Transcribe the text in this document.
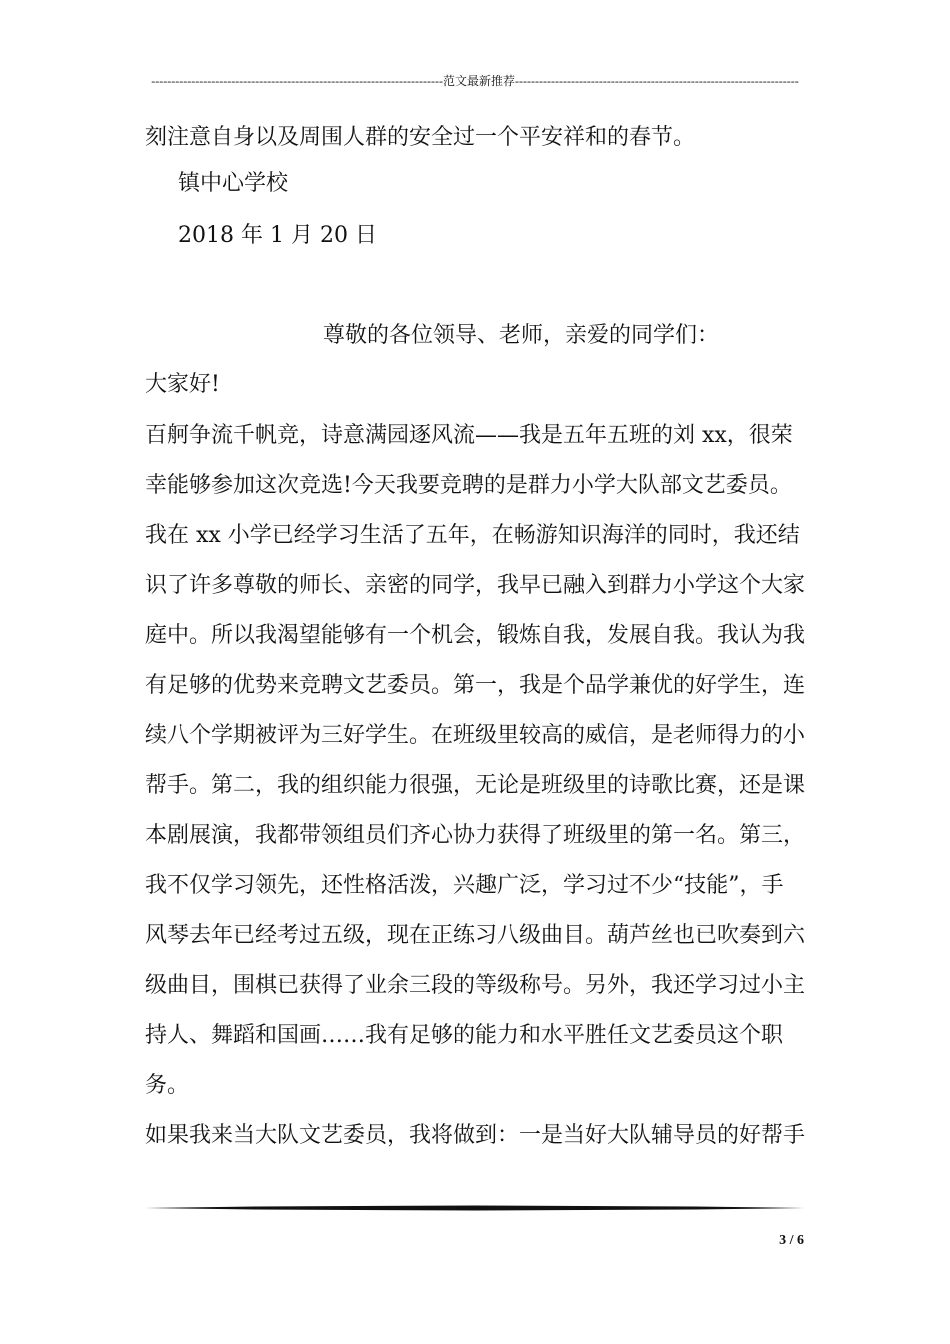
-------------------------------------------------------------------------范文最新推荐-----------------------------------------------------------------------
刻注意自身以及周围人群的安全过一个平安祥和的春节。
镇中心学校
2018 年 1 月 20 日
尊敬的各位领导、老师，亲爱的同学们：
大家好!
百舸争流千帆竞，诗意满园逐风流——我是五年五班的刘 xx，很荣
幸能够参加这次竞选!今天我要竞聘的是群力小学大队部文艺委员。
我在 xx 小学已经学习生活了五年，在畅游知识海洋的同时，我还结
识了许多尊敬的师长、亲密的同学，我早已融入到群力小学这个大家
庭中。所以我渴望能够有一个机会，锻炼自我，发展自我。我认为我
有足够的优势来竞聘文艺委员。第一，我是个品学兼优的好学生，连
续八个学期被评为三好学生。在班级里较高的威信，是老师得力的小
帮手。第二，我的组织能力很强，无论是班级里的诗歌比赛，还是课
本剧展演，我都带领组员们齐心协力获得了班级里的第一名。第三，
我不仅学习领先，还性格活泼，兴趣广泛，学习过不少“技能”，手
风琴去年已经考过五级，现在正练习八级曲目。葫芦丝也已吹奏到六
级曲目，围棋已获得了业余三段的等级称号。另外，我还学习过小主
持人、舞蹈和国画……我有足够的能力和水平胜任文艺委员这个职
务。
如果我来当大队文艺委员，我将做到：一是当好大队辅导员的好帮手
3 / 6
